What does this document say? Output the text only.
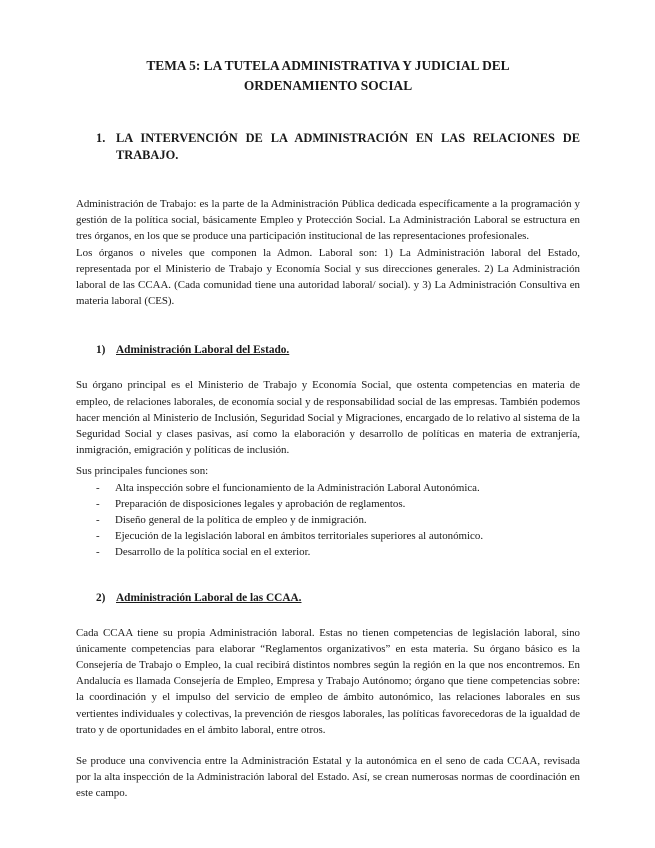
TEMA 5: LA TUTELA ADMINISTRATIVA Y JUDICIAL DEL
ORDENAMIENTO SOCIAL
1. LA INTERVENCIÓN DE LA ADMINISTRACIÓN EN LAS RELACIONES DE TRABAJO.

Administración de Trabajo: es la parte de la Administración Pública dedicada específicamente a la programación y gestión de la política social, básicamente Empleo y Protección Social. La Administración Laboral se estructura en tres órganos, en los que se produce una participación institucional de las representaciones profesionales.

Los órganos o niveles que componen la Admon. Laboral son: 1) La Administración laboral del Estado, representada por el Ministerio de Trabajo y Economía Social y sus direcciones generales. 2) La Administración laboral de las CCAA. (Cada comunidad tiene una autoridad laboral/ social). y 3) La Administración Consultiva en materia laboral (CES).

1) Administración Laboral del Estado.

Su órgano principal es el Ministerio de Trabajo y Economía Social, que ostenta competencias en materia de empleo, de relaciones laborales, de economía social y de responsabilidad social de las empresas. También podemos hacer mención al Ministerio de Inclusión, Seguridad Social y Migraciones, encargado de lo relativo al sistema de la Seguridad Social y clases pasivas, así como la elaboración y desarrollo de políticas en materia de extranjería, inmigración, emigración y políticas de inclusión.

Sus principales funciones son:

-	Alta inspección sobre el funcionamiento de la Administración Laboral Autonómica.
-	Preparación de disposiciones legales y aprobación de reglamentos.
-	Diseño general de la política de empleo y de inmigración.
-	Ejecución de la legislación laboral en ámbitos territoriales superiores al autonómico.
-	Desarrollo de la política social en el exterior.
2) Administración Laboral de las CCAA.

Cada CCAA tiene su propia Administración laboral. Estas no tienen competencias de legislación laboral, sino únicamente competencias para elaborar “Reglamentos organizativos” en esta materia. Su órgano básico es la Consejería de Trabajo o Empleo, la cual recibirá distintos nombres según la región en la que nos encontremos. En Andalucía es llamada Consejería de Empleo, Empresa y Trabajo Autónomo; órgano que tiene competencias sobre: la coordinación y el impulso del servicio de empleo de ámbito autonómico, las relaciones laborales en sus vertientes individuales y colectivas, la prevención de riesgos laborales, las políticas favorecedoras de la igualdad de trato y de oportunidades en el ámbito laboral, entre otros.

Se produce una convivencia entre la Administración Estatal y la autonómica en el seno de cada CCAA, revisada por la alta inspección de la Administración laboral del Estado. Así, se crean numerosas normas de coordinación en este campo.
